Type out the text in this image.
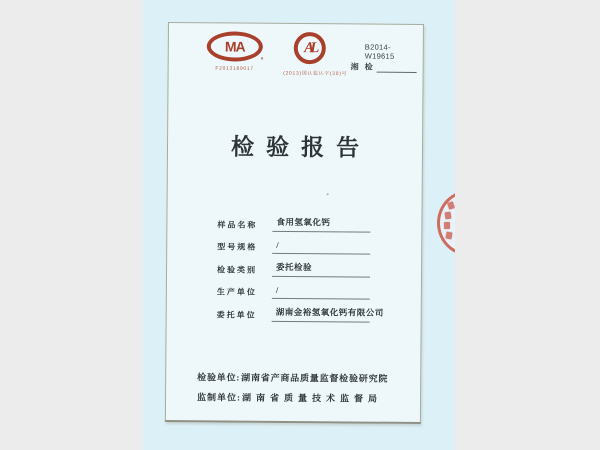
MA
。
F2013189017
AL
(2013)国认监认字(30)号
B2014-W19615
湘 检
检验报告
样品名称 食用氢氧化钙
型号规格 /
检验类别 委托检验
生产单位 /
委托单位 湖南金裕氢氧化钙有限公司
检验单位:湖南省产商品质量监督检验研究院
监制单位:湖南省质量技术监督局
